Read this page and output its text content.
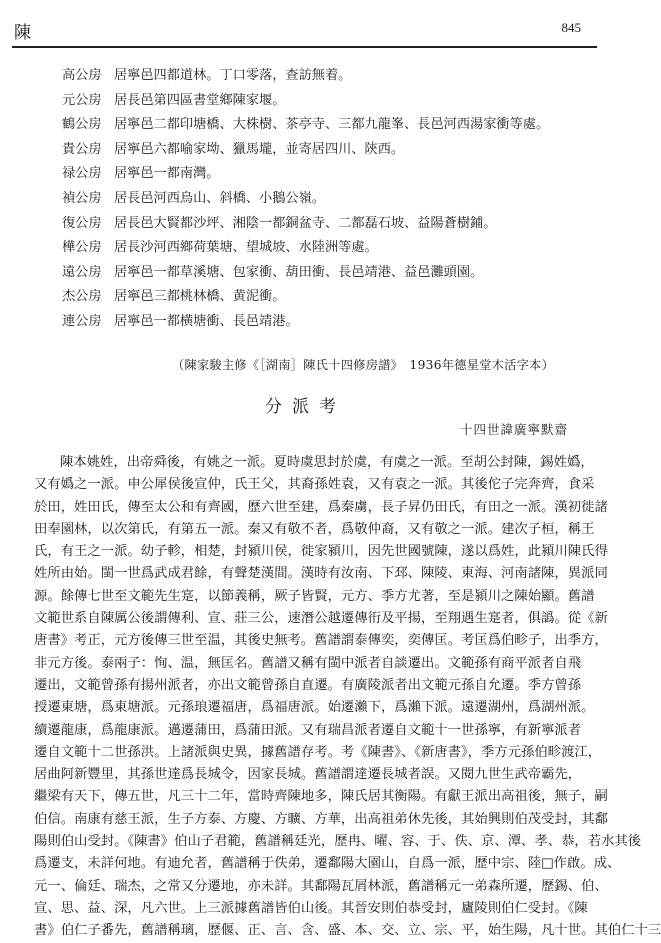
陳	845
高公房 居寧邑四都道林。丁口零落，查訪無着。
元公房 居長邑第四區書堂鄉陳家堰。
鶴公房 居寧邑二都印塘橋、大株樹、茶亭寺、三都九龍峯、長邑河西湯家衝等處。
貴公房 居寧邑六都喻家坳、獵馬壠，並寄居四川、陝西。
禄公房 居寧邑一都南灣。
禎公房 居長邑河西烏山、斜橋、小鵝公嶺。
復公房 居長邑大賢都沙坪、湘陰一都銅盆寺、二都磊石坡、益陽蒼樹鋪。
樺公房 居長沙河西鄉荷葉塘、望城坡、水陸洲等處。
遠公房 居寧邑一都草溪塘、包家衝、葫田衝、長邑靖港、益邑灘頭園。
杰公房 居寧邑三都桃林橋、黄泥衝。
連公房 居寧邑一都横塘衝、長邑靖港。
（陳家駿主修《［湖南］陳氏十四修房譜》　1936年德星堂木活字本）
分派考
十四世諱廣寧默齋
陳本姚姓，出帝舜後，有姚之一派。夏時虞思封於虞，有虞之一派。至胡公封陳，錫姓嬀，
又有嬀之一派。申公犀侯後宣仲，氏王父，其裔孫姓袁，又有袁之一派。其後佗子完奔齊，食采
於田，姓田氏，傳至太公和有齊國，歷六世至建，爲秦虜，長子昇仍田氏，有田之一派。漢初徙諸
田奉園林，以次第氏，有第五一派。秦又有敬不者，爲敬仲裔，又有敬之一派。建次子桓，稱王
氏，有王之一派。幼子軫，相楚，封潁川侯，徙家潁川，因先世國號陳，遂以爲姓，此潁川陳氏得
姓所由始。閩一世爲武成君餘，有聲楚漢間。漢時有汝南、下邳、陳陵、東海、河南諸陳，異派同
源。餘傳七世至文範先生寔，以節義稱，厥子皆賢，元方、季方尤著，至是潁川之陳始顯。舊譜
文範世系自陳厲公後謂傳利、宣、莊三公，速潛公越遷傳衎及平揚，至翔遇生寔者，俱譌。從《新
唐書》考正，元方後傳三世至温，其後史無考。舊譜謂泰傳奕，奕傳匡。考匡爲伯畛子，出季方，
非元方後。泰兩子：恂、温，無匡名。舊譜又稱有閩中派者自談遷出。文範孫有商平派者自飛
遷出，文範曾孫有揚州派者，亦出文範曾孫自直遷。有廣陵派者出文範元孫自允遷。季方曾孫
授遷東塘，爲東塘派。元孫琅遷福唐，爲福唐派。始遷瀨下，爲瀨下派。遠遷湖州，爲湖州派。
續遷龍康，爲龍康派。邁遷蒲田，爲蒲田派。又有瑞昌派者遷自文範十一世孫寧，有新寧派者
遷自文範十二世孫洪。上諸派與史異，據舊譜存考。考《陳書》、《新唐書》，季方元孫伯畛渡江，
居曲阿新豐里，其孫世達爲長城令，因家長城。舊譜謂達遷長城者誤。又閱九世生武帝霸先，
繼梁有天下，傳五世，凡三十二年，當時齊陳地多，陳氏居其衡陽。有獻王派出高祖後，無子，嗣
伯信。南康有慈王派，生子方泰、方慶、方曠、方華，出高祖弟休先後，其始興則伯茂受封，其鄱
陽則伯山受封。《陳書》伯山子君範，舊譜稱廷光，歷冉、曜、容、于、佚、京、潭、孝、恭，若水其後
爲遷支，未詳何地。有迪允者，舊譜稱于佚弟，遷鄱陽大園山，自爲一派，歷中宗、陸□作啟。成、
元一、倫廷、瑞杰，之常又分遷地，亦未詳。其鄱陽瓦屑林派，舊譜稱元一弟森所遷，歷錫、伯、
宣、思、益、深，凡六世。上三派據舊譜皆伯山後。其晉安則伯恭受封，廬陵則伯仁受封。《陳
書》伯仁子番先，舊譜稱璃，歷偃、正、言、含、盛、本、交、立、宗、平，始生陽，凡十世。其伯仁十三
